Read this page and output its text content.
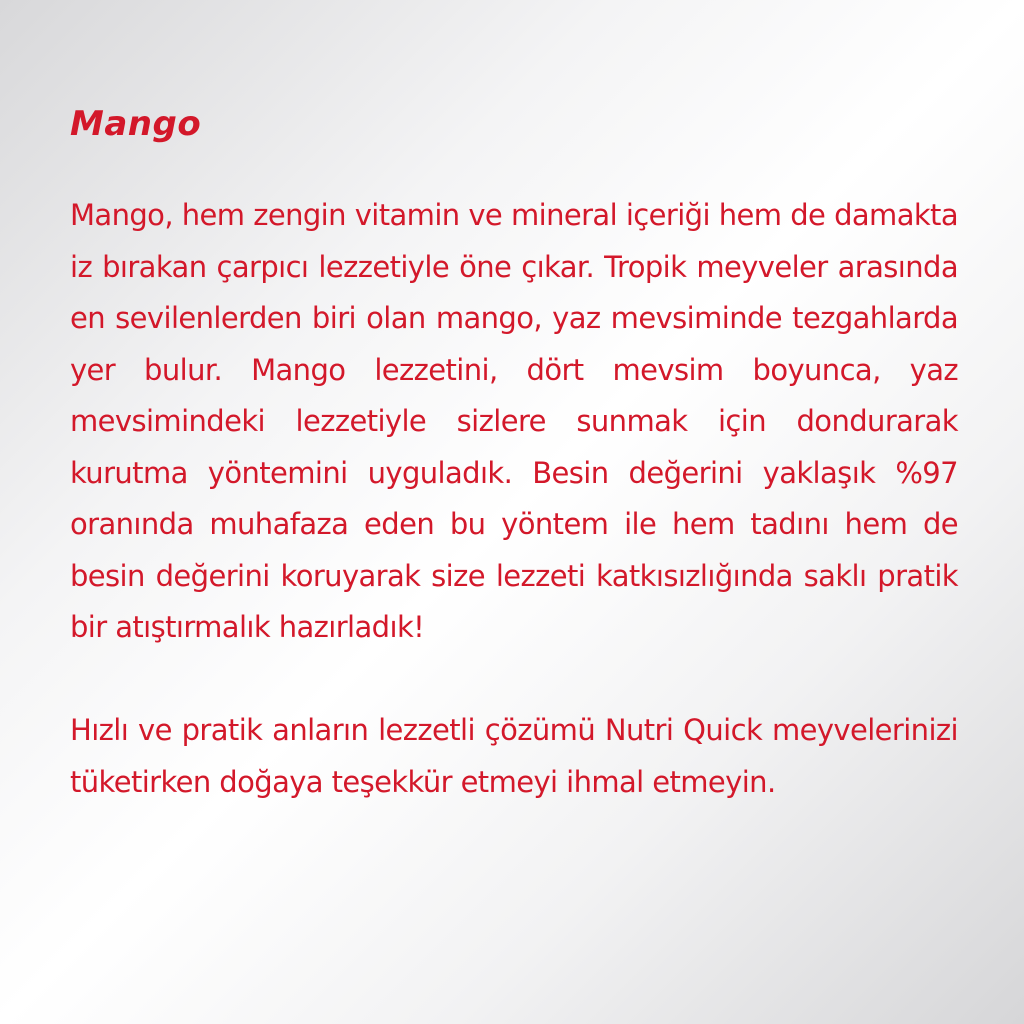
Mango

Mango, hem zengin vitamin ve mineral içeriği hem de damakta iz bırakan çarpıcı lezzetiyle öne çıkar. Tropik meyveler arasında en sevilenlerden biri olan mango, yaz mevsiminde tezgahlarda yer bulur. Mango lezzetini, dört mevsim boyunca, yaz mevsimindeki lezzetiyle sizlere sunmak için dondurarak kurutma yöntemini uyguladık. Besin değerini yaklaşık %97 oranında muhafaza eden bu yöntem ile hem tadını hem de besin değerini koruyarak size lezzeti katkısızlığında saklı pratik bir atıştırmalık hazırladık!

Hızlı ve pratik anların lezzetli çözümü Nutri Quick meyvelerinizi tüketirken doğaya teşekkür etmeyi ihmal etmeyin.
